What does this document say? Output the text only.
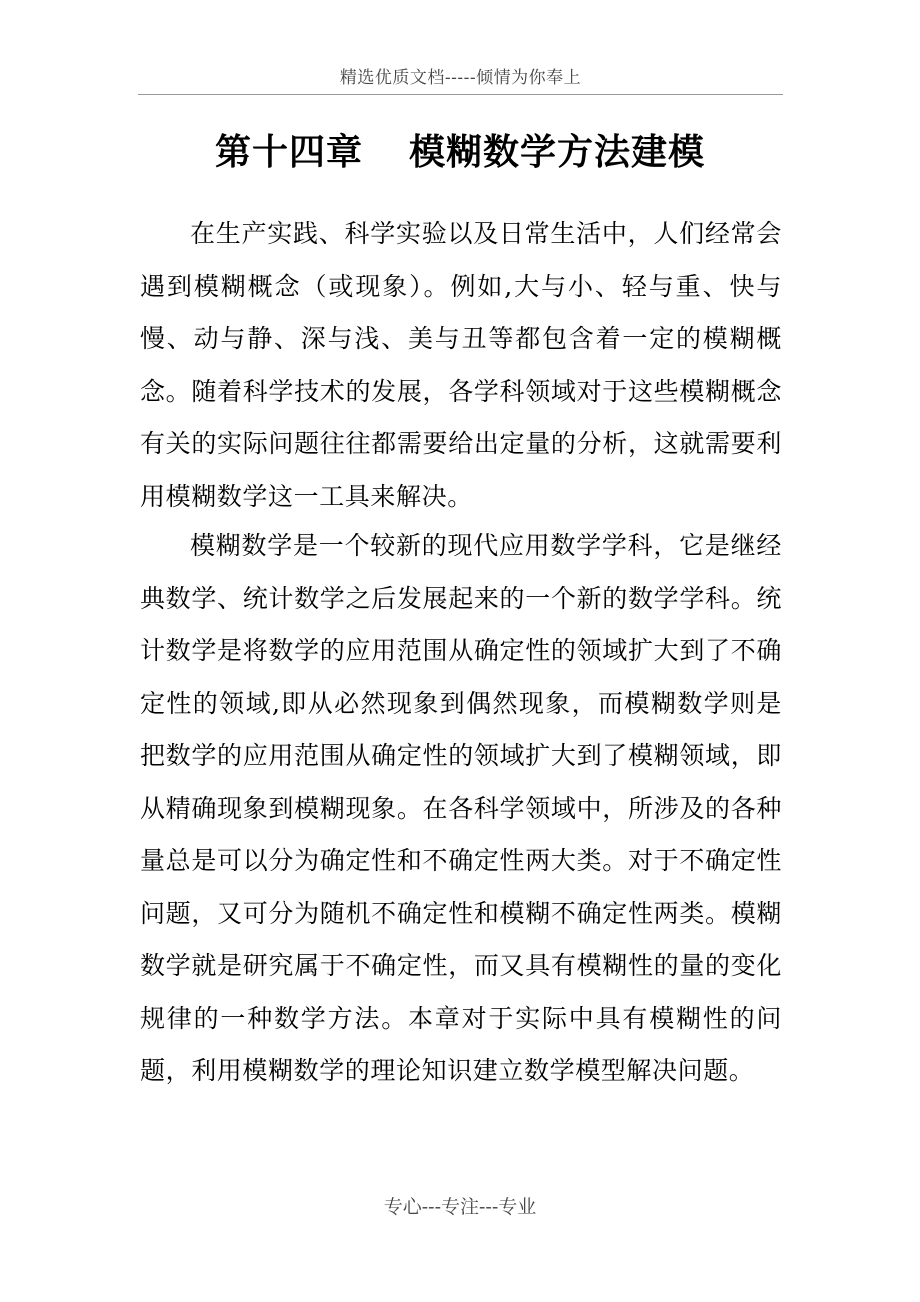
精选优质文档-----倾情为你奉上
第十四章 模糊数学方法建模

在生产实践、科学实验以及日常生活中，人们经常会遇到模糊概念（或现象）。例如,大与小、轻与重、快与慢、动与静、深与浅、美与丑等都包含着一定的模糊概念。随着科学技术的发展，各学科领域对于这些模糊概念有关的实际问题往往都需要给出定量的分析，这就需要利用模糊数学这一工具来解决。

模糊数学是一个较新的现代应用数学学科，它是继经典数学、统计数学之后发展起来的一个新的数学学科。统计数学是将数学的应用范围从确定性的领域扩大到了不确定性的领域,即从必然现象到偶然现象，而模糊数学则是把数学的应用范围从确定性的领域扩大到了模糊领域，即从精确现象到模糊现象。在各科学领域中，所涉及的各种量总是可以分为确定性和不确定性两大类。对于不确定性问题，又可分为随机不确定性和模糊不确定性两类。模糊数学就是研究属于不确定性，而又具有模糊性的量的变化规律的一种数学方法。本章对于实际中具有模糊性的问题，利用模糊数学的理论知识建立数学模型解决问题。

专心---专注---专业
